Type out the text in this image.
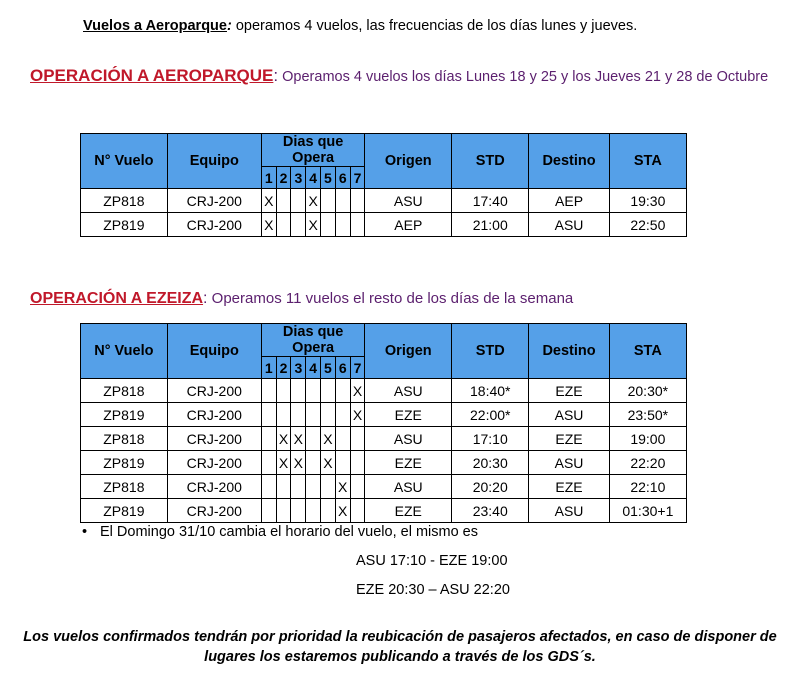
Vuelos a Aeroparque: operamos 4 vuelos, las frecuencias de los días lunes y jueves.
OPERACIÓN A AEROPARQUE: Operamos 4 vuelos los días Lunes 18 y 25 y los Jueves 21 y 28 de Octubre
N° Vuelo	Equipo	Dias que Opera							Origen	STD	Destino	STA
		1	2	3	4	5	6	7				
ZP818	CRJ-200	X			X				ASU	17:40	AEP	19:30
ZP819	CRJ-200	X			X				AEP	21:00	ASU	22:50
OPERACIÓN A EZEIZA: Operamos 11 vuelos el resto de los días de la semana
N° Vuelo	Equipo	Dias que Opera							Origen	STD	Destino	STA
		1	2	3	4	5	6	7				
ZP818	CRJ-200							X	ASU	18:40*	EZE	20:30*
ZP819	CRJ-200							X	EZE	22:00*	ASU	23:50*
ZP818	CRJ-200		X	X		X			ASU	17:10	EZE	19:00
ZP819	CRJ-200		X	X		X			EZE	20:30	ASU	22:20
ZP818	CRJ-200						X		ASU	20:20	EZE	22:10
ZP819	CRJ-200						X		EZE	23:40	ASU	01:30+1
• El Domingo 31/10 cambia el horario del vuelo, el mismo es
ASU 17:10 - EZE 19:00
EZE 20:30 – ASU 22:20
Los vuelos confirmados tendrán por prioridad la reubicación de pasajeros afectados, en caso de disponer de
lugares los estaremos publicando a través de los GDS´s.
